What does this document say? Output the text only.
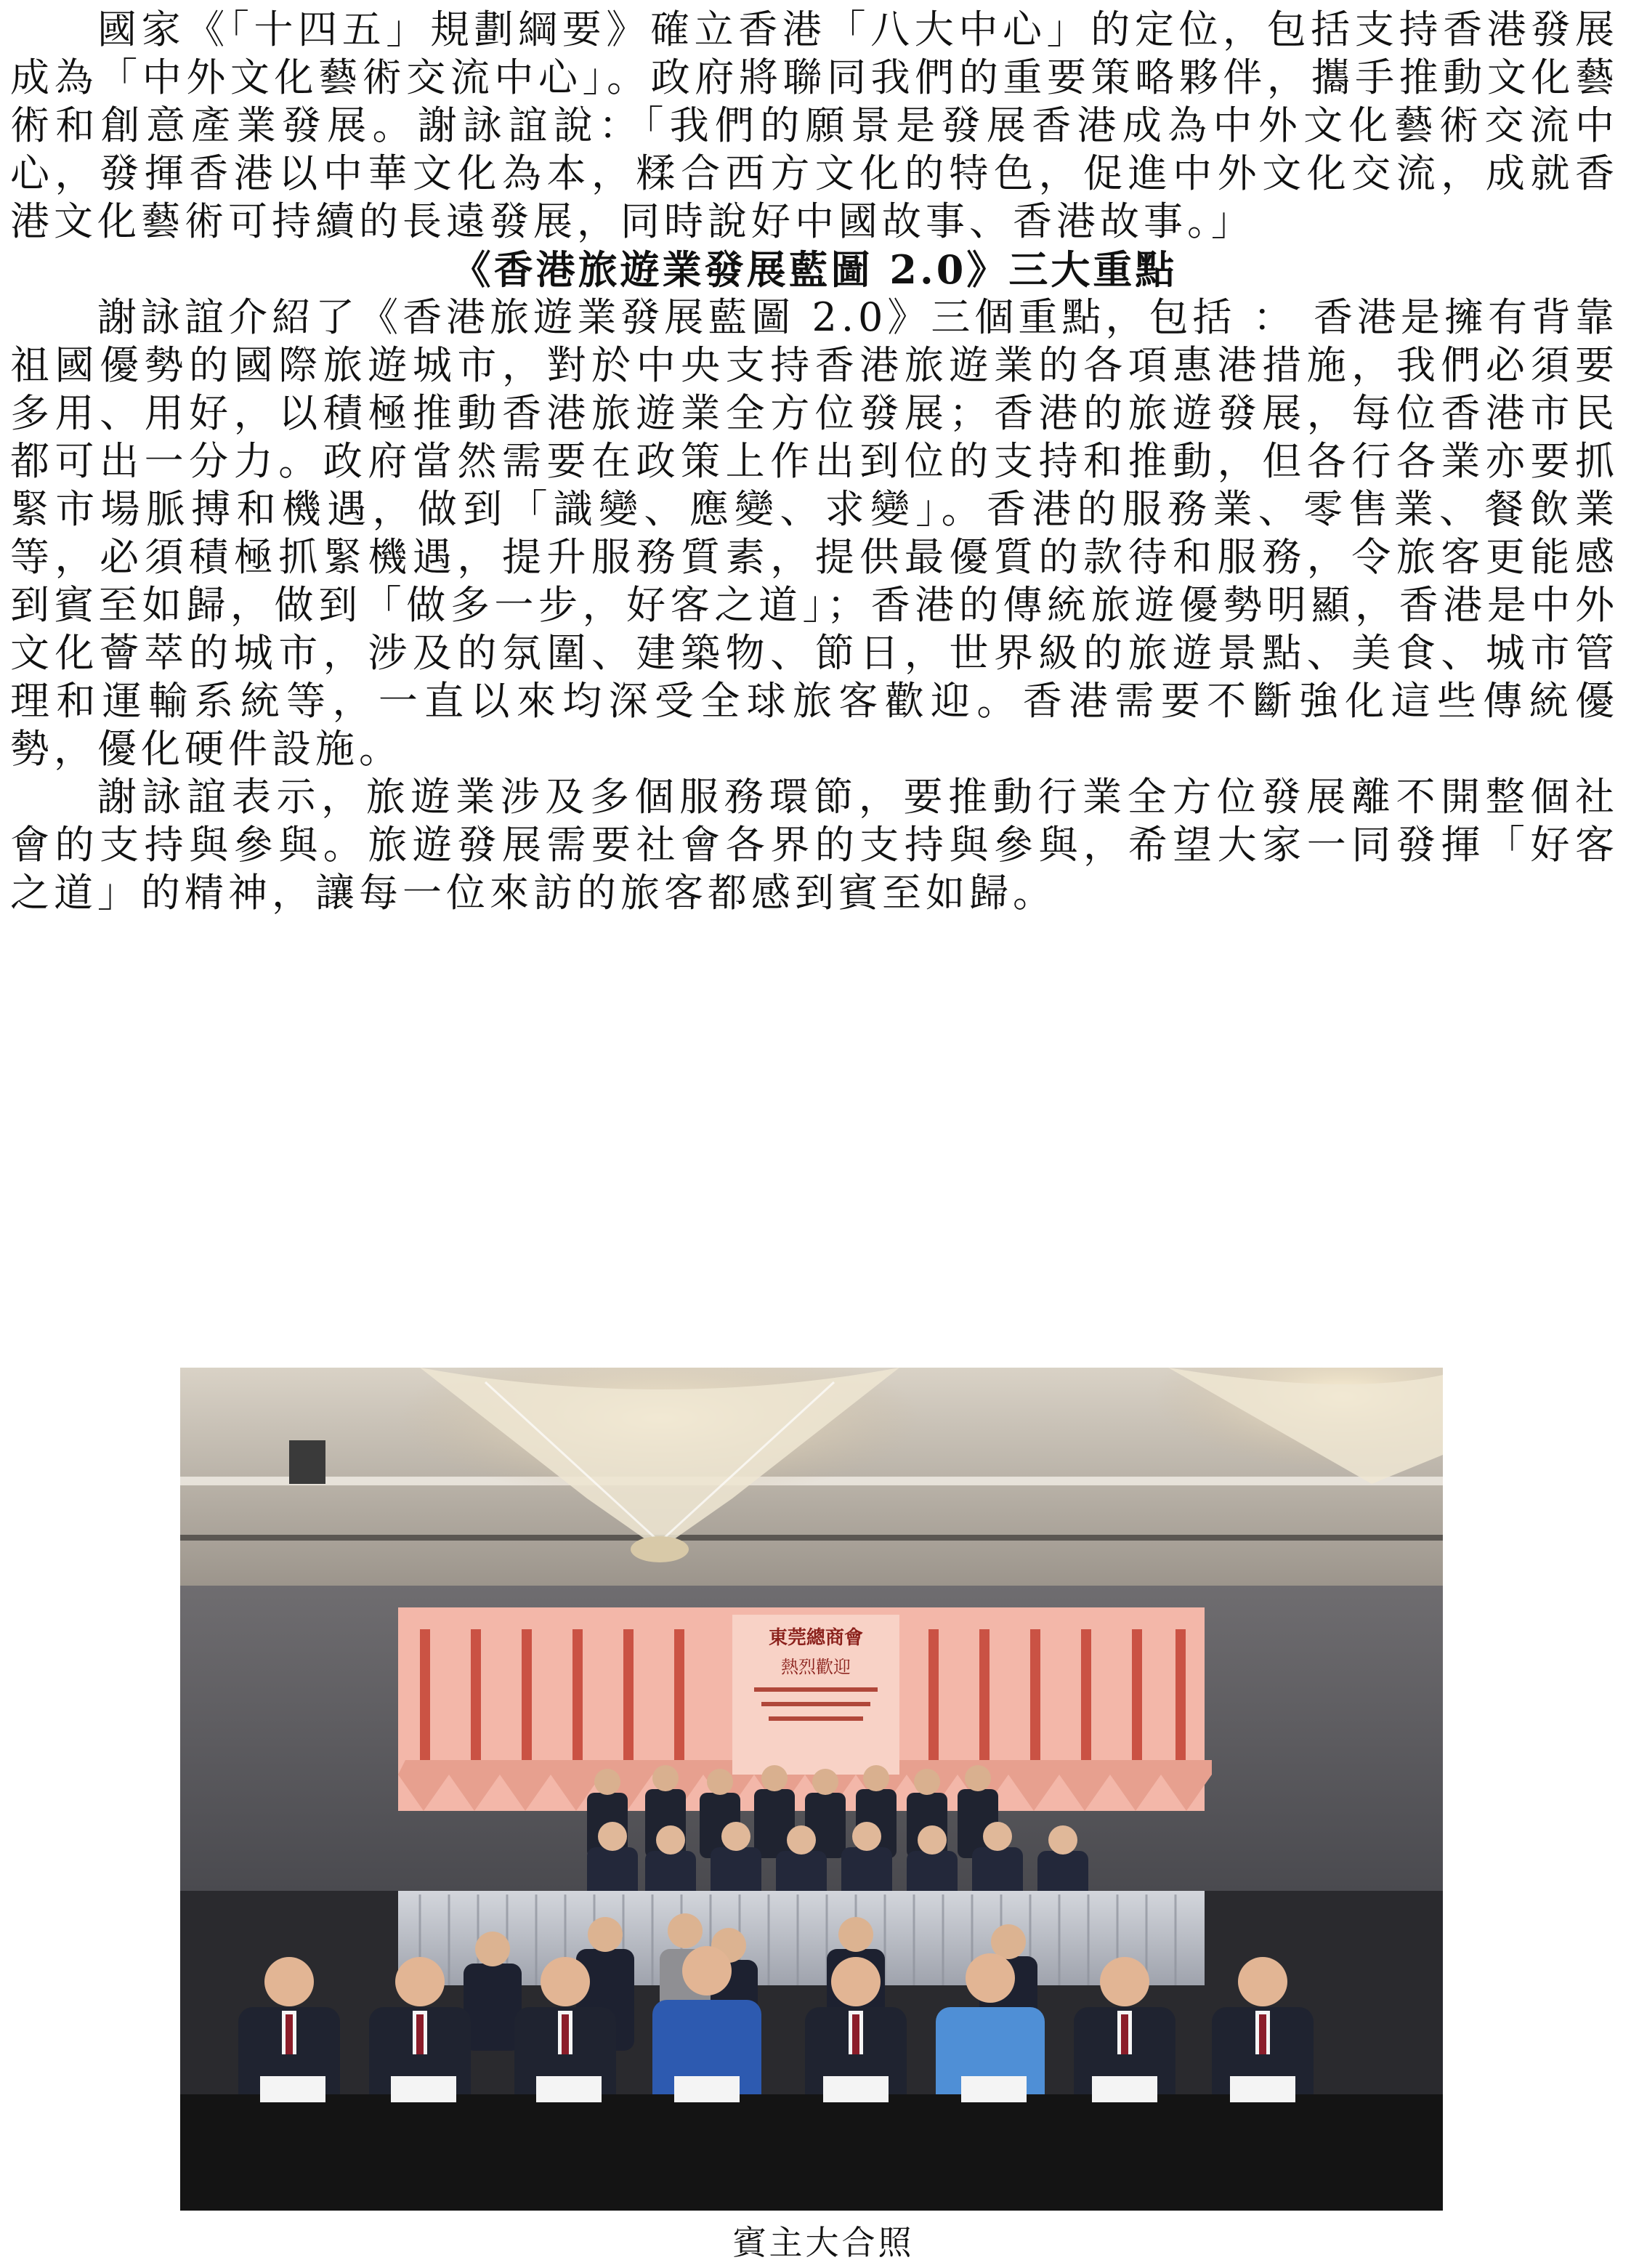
國家《「十四五」規劃綱要》確立香港「八大中心」的定位，包括支持香港發展成為「中外文化藝術交流中心」。政府將聯同我們的重要策略夥伴，攜手推動文化藝術和創意產業發展。謝詠誼說：「我們的願景是發展香港成為中外文化藝術交流中心，發揮香港以中華文化為本，糅合西方文化的特色，促進中外文化交流，成就香港文化藝術可持續的長遠發展，同時說好中國故事、香港故事。」

《香港旅遊業發展藍圖 2.0》三大重點

謝詠誼介紹了《香港旅遊業發展藍圖 2.0》三個重點，包括 ： 香港是擁有背靠祖國優勢的國際旅遊城市，對於中央支持香港旅遊業的各項惠港措施，我們必須要多用、用好，以積極推動香港旅遊業全方位發展；香港的旅遊發展，每位香港市民都可出一分力。政府當然需要在政策上作出到位的支持和推動，但各行各業亦要抓緊市場脈搏和機遇，做到「識變、應變、求變」。香港的服務業、零售業、餐飲業等，必須積極抓緊機遇，提升服務質素，提供最優質的款待和服務，令旅客更能感到賓至如歸，做到「做多一步，好客之道」；香港的傳統旅遊優勢明顯，香港是中外文化薈萃的城市，涉及的氛圍、建築物、節日，世界級的旅遊景點、美食、城市管理和運輸系統等，一直以來均深受全球旅客歡迎。香港需要不斷強化這些傳統優勢，優化硬件設施。

謝詠誼表示，旅遊業涉及多個服務環節，要推動行業全方位發展離不開整個社會的支持與參與。旅遊發展需要社會各界的支持與參與，希望大家一同發揮「好客之道」的精神，讓每一位來訪的旅客都感到賓至如歸。

東莞總商會
熱烈歡迎
賓主大合照
